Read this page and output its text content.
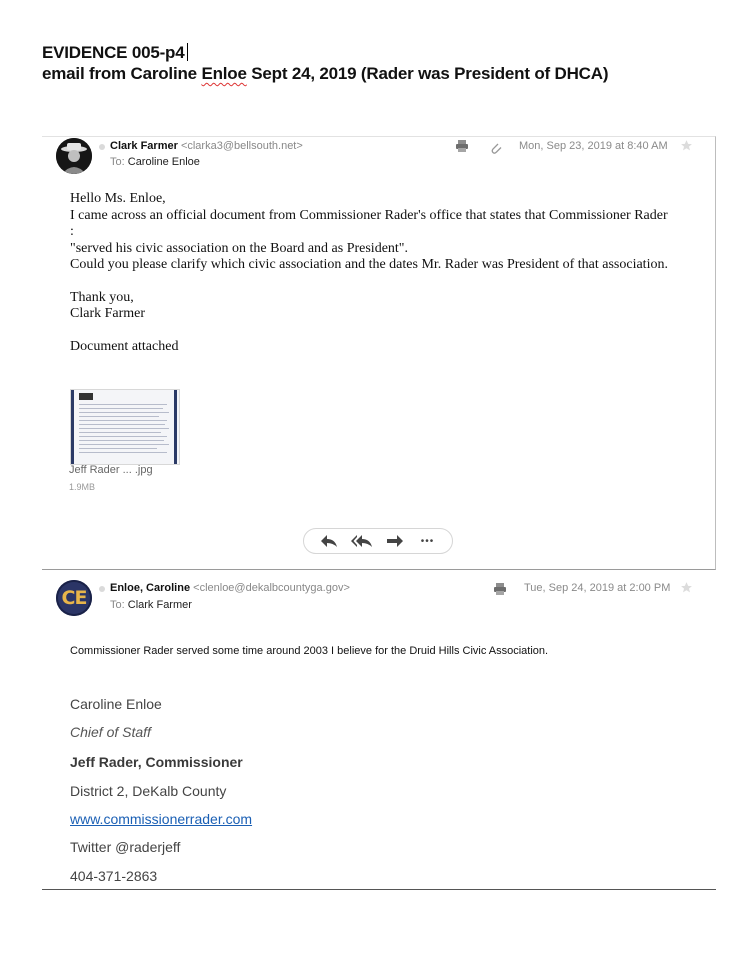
EVIDENCE 005-p4
email from Caroline Enloe Sept 24, 2019 (Rader was President of DHCA)
Clark Farmer <clarka3@bellsouth.net>
To: Caroline Enloe
Mon, Sep 23, 2019 at 8:40 AM

Hello Ms. Enloe,

I came across an official document from Commissioner Rader's office that states that Commissioner Rader :

"served his civic association on the Board and as President".

Could you please clarify which civic association and the dates Mr. Rader was President of that association.

Thank you,

Clark Farmer

Document attached

Jeff Rader ... .jpg
1.9MB
•••
CE Enloe, Caroline <clenloe@dekalbcountyga.gov>
To: Clark Farmer
Tue, Sep 24, 2019 at 2:00 PM
Commissioner Rader served some time around 2003 I believe for the Druid Hills Civic Association.
Caroline Enloe
Chief of Staff
Jeff Rader, Commissioner
District 2, DeKalb County
www.commissionerrader.com
Twitter @raderjeff
404-371-2863
